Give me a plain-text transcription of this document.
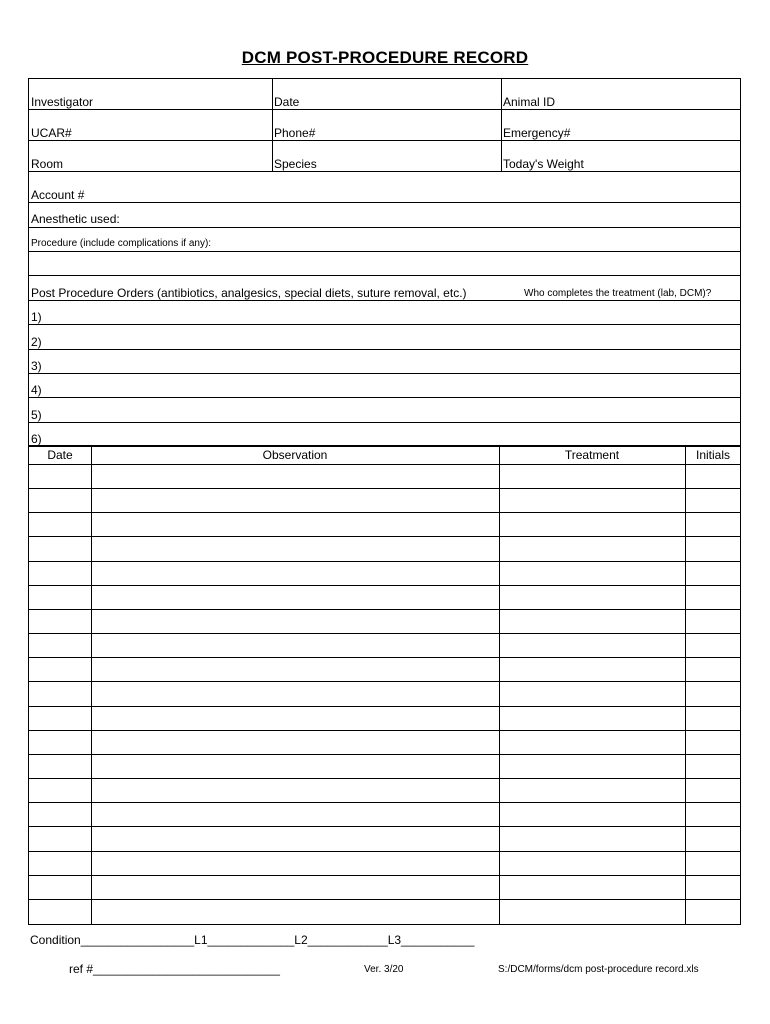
DCM POST-PROCEDURE RECORD
Investigator	Date	Animal ID
UCAR#	Phone#	Emergency#
Room	Species	Today's Weight
Account #
Anesthetic used:
Procedure (include complications if any):
Post Procedure Orders (antibiotics, analgesics, special diets, suture removal, etc.)	Who completes the treatment (lab, DCM)?
1)
2)
3)
4)
5)
6)
Date	Observation	Treatment	Initials
Condition_________________L1_____________L2____________L3___________
ref #____________________________	Ver. 3/20	S:/DCM/forms/dcm post-procedure record.xls
